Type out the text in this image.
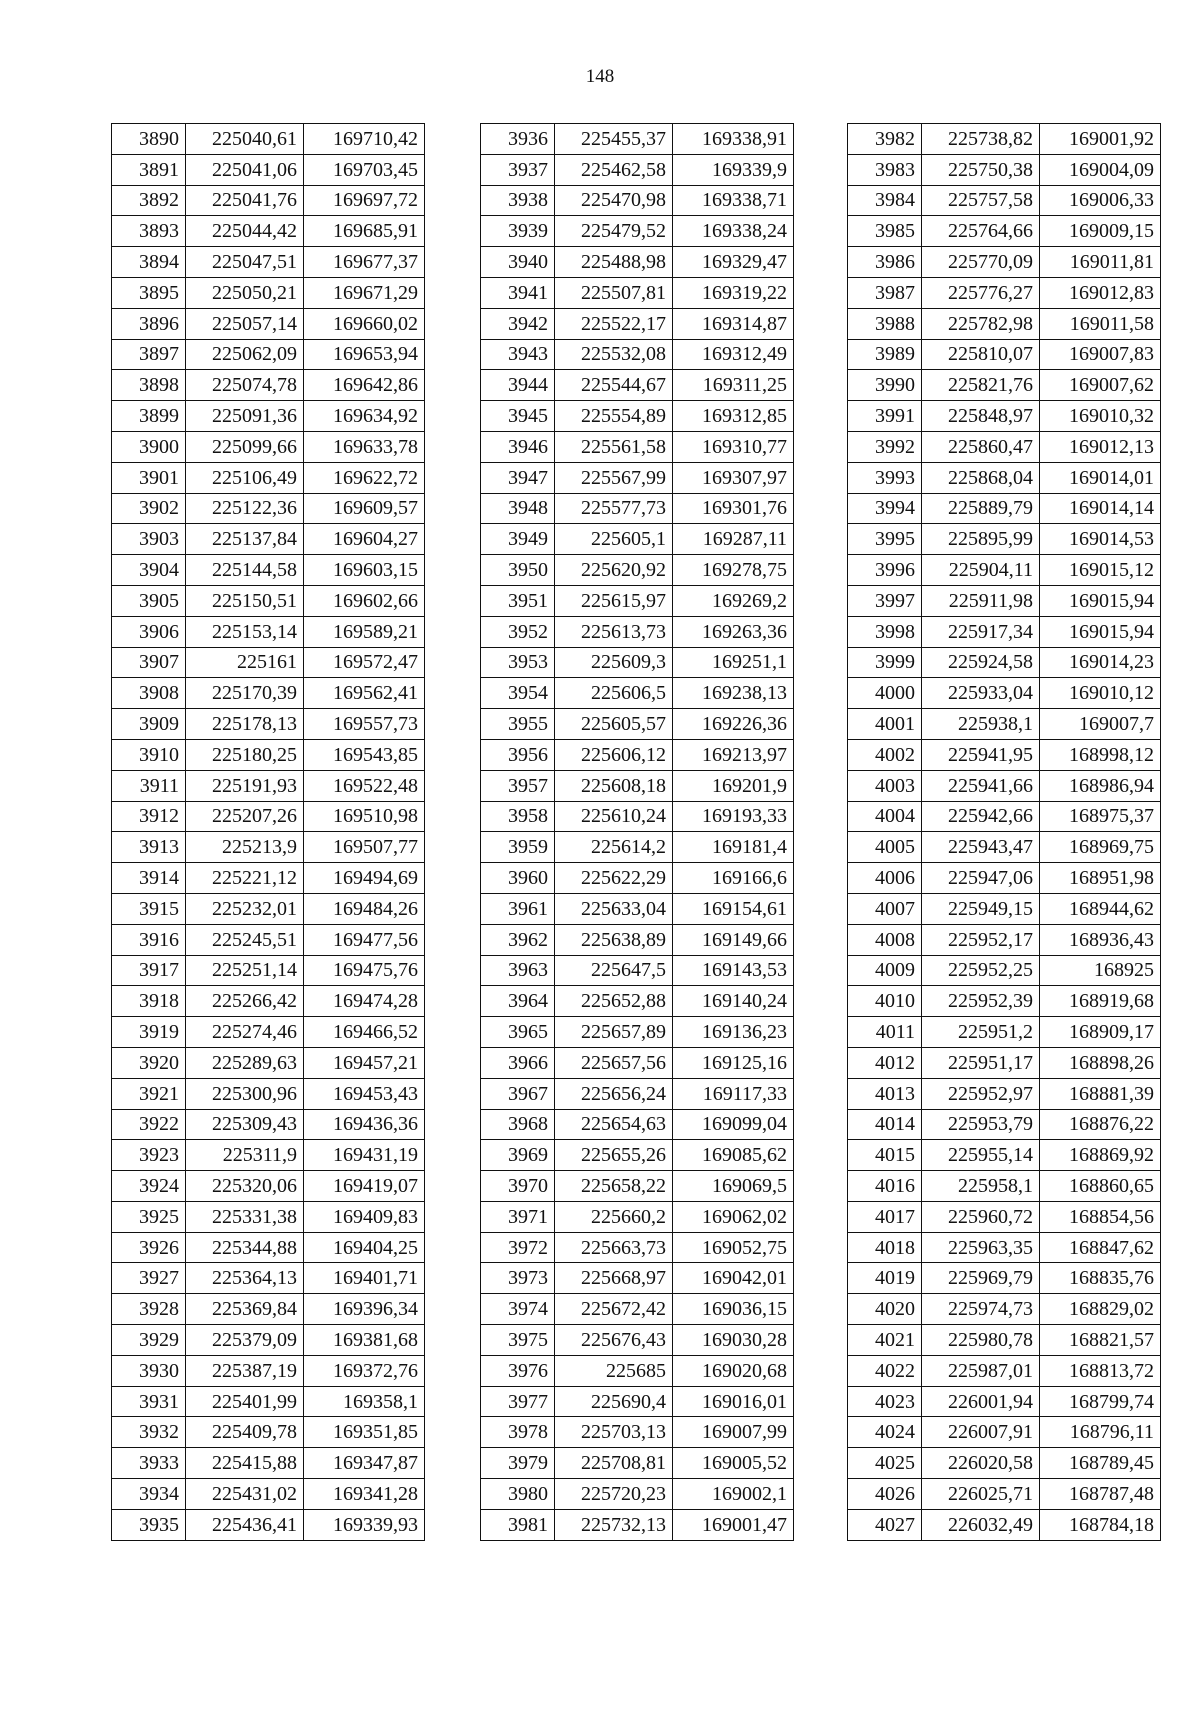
148
3890	225040,61	169710,42
3891	225041,06	169703,45
3892	225041,76	169697,72
3893	225044,42	169685,91
3894	225047,51	169677,37
3895	225050,21	169671,29
3896	225057,14	169660,02
3897	225062,09	169653,94
3898	225074,78	169642,86
3899	225091,36	169634,92
3900	225099,66	169633,78
3901	225106,49	169622,72
3902	225122,36	169609,57
3903	225137,84	169604,27
3904	225144,58	169603,15
3905	225150,51	169602,66
3906	225153,14	169589,21
3907	225161	169572,47
3908	225170,39	169562,41
3909	225178,13	169557,73
3910	225180,25	169543,85
3911	225191,93	169522,48
3912	225207,26	169510,98
3913	225213,9	169507,77
3914	225221,12	169494,69
3915	225232,01	169484,26
3916	225245,51	169477,56
3917	225251,14	169475,76
3918	225266,42	169474,28
3919	225274,46	169466,52
3920	225289,63	169457,21
3921	225300,96	169453,43
3922	225309,43	169436,36
3923	225311,9	169431,19
3924	225320,06	169419,07
3925	225331,38	169409,83
3926	225344,88	169404,25
3927	225364,13	169401,71
3928	225369,84	169396,34
3929	225379,09	169381,68
3930	225387,19	169372,76
3931	225401,99	169358,1
3932	225409,78	169351,85
3933	225415,88	169347,87
3934	225431,02	169341,28
3935	225436,41	169339,93
3936	225455,37	169338,91
3937	225462,58	169339,9
3938	225470,98	169338,71
3939	225479,52	169338,24
3940	225488,98	169329,47
3941	225507,81	169319,22
3942	225522,17	169314,87
3943	225532,08	169312,49
3944	225544,67	169311,25
3945	225554,89	169312,85
3946	225561,58	169310,77
3947	225567,99	169307,97
3948	225577,73	169301,76
3949	225605,1	169287,11
3950	225620,92	169278,75
3951	225615,97	169269,2
3952	225613,73	169263,36
3953	225609,3	169251,1
3954	225606,5	169238,13
3955	225605,57	169226,36
3956	225606,12	169213,97
3957	225608,18	169201,9
3958	225610,24	169193,33
3959	225614,2	169181,4
3960	225622,29	169166,6
3961	225633,04	169154,61
3962	225638,89	169149,66
3963	225647,5	169143,53
3964	225652,88	169140,24
3965	225657,89	169136,23
3966	225657,56	169125,16
3967	225656,24	169117,33
3968	225654,63	169099,04
3969	225655,26	169085,62
3970	225658,22	169069,5
3971	225660,2	169062,02
3972	225663,73	169052,75
3973	225668,97	169042,01
3974	225672,42	169036,15
3975	225676,43	169030,28
3976	225685	169020,68
3977	225690,4	169016,01
3978	225703,13	169007,99
3979	225708,81	169005,52
3980	225720,23	169002,1
3981	225732,13	169001,47
3982	225738,82	169001,92
3983	225750,38	169004,09
3984	225757,58	169006,33
3985	225764,66	169009,15
3986	225770,09	169011,81
3987	225776,27	169012,83
3988	225782,98	169011,58
3989	225810,07	169007,83
3990	225821,76	169007,62
3991	225848,97	169010,32
3992	225860,47	169012,13
3993	225868,04	169014,01
3994	225889,79	169014,14
3995	225895,99	169014,53
3996	225904,11	169015,12
3997	225911,98	169015,94
3998	225917,34	169015,94
3999	225924,58	169014,23
4000	225933,04	169010,12
4001	225938,1	169007,7
4002	225941,95	168998,12
4003	225941,66	168986,94
4004	225942,66	168975,37
4005	225943,47	168969,75
4006	225947,06	168951,98
4007	225949,15	168944,62
4008	225952,17	168936,43
4009	225952,25	168925
4010	225952,39	168919,68
4011	225951,2	168909,17
4012	225951,17	168898,26
4013	225952,97	168881,39
4014	225953,79	168876,22
4015	225955,14	168869,92
4016	225958,1	168860,65
4017	225960,72	168854,56
4018	225963,35	168847,62
4019	225969,79	168835,76
4020	225974,73	168829,02
4021	225980,78	168821,57
4022	225987,01	168813,72
4023	226001,94	168799,74
4024	226007,91	168796,11
4025	226020,58	168789,45
4026	226025,71	168787,48
4027	226032,49	168784,18
